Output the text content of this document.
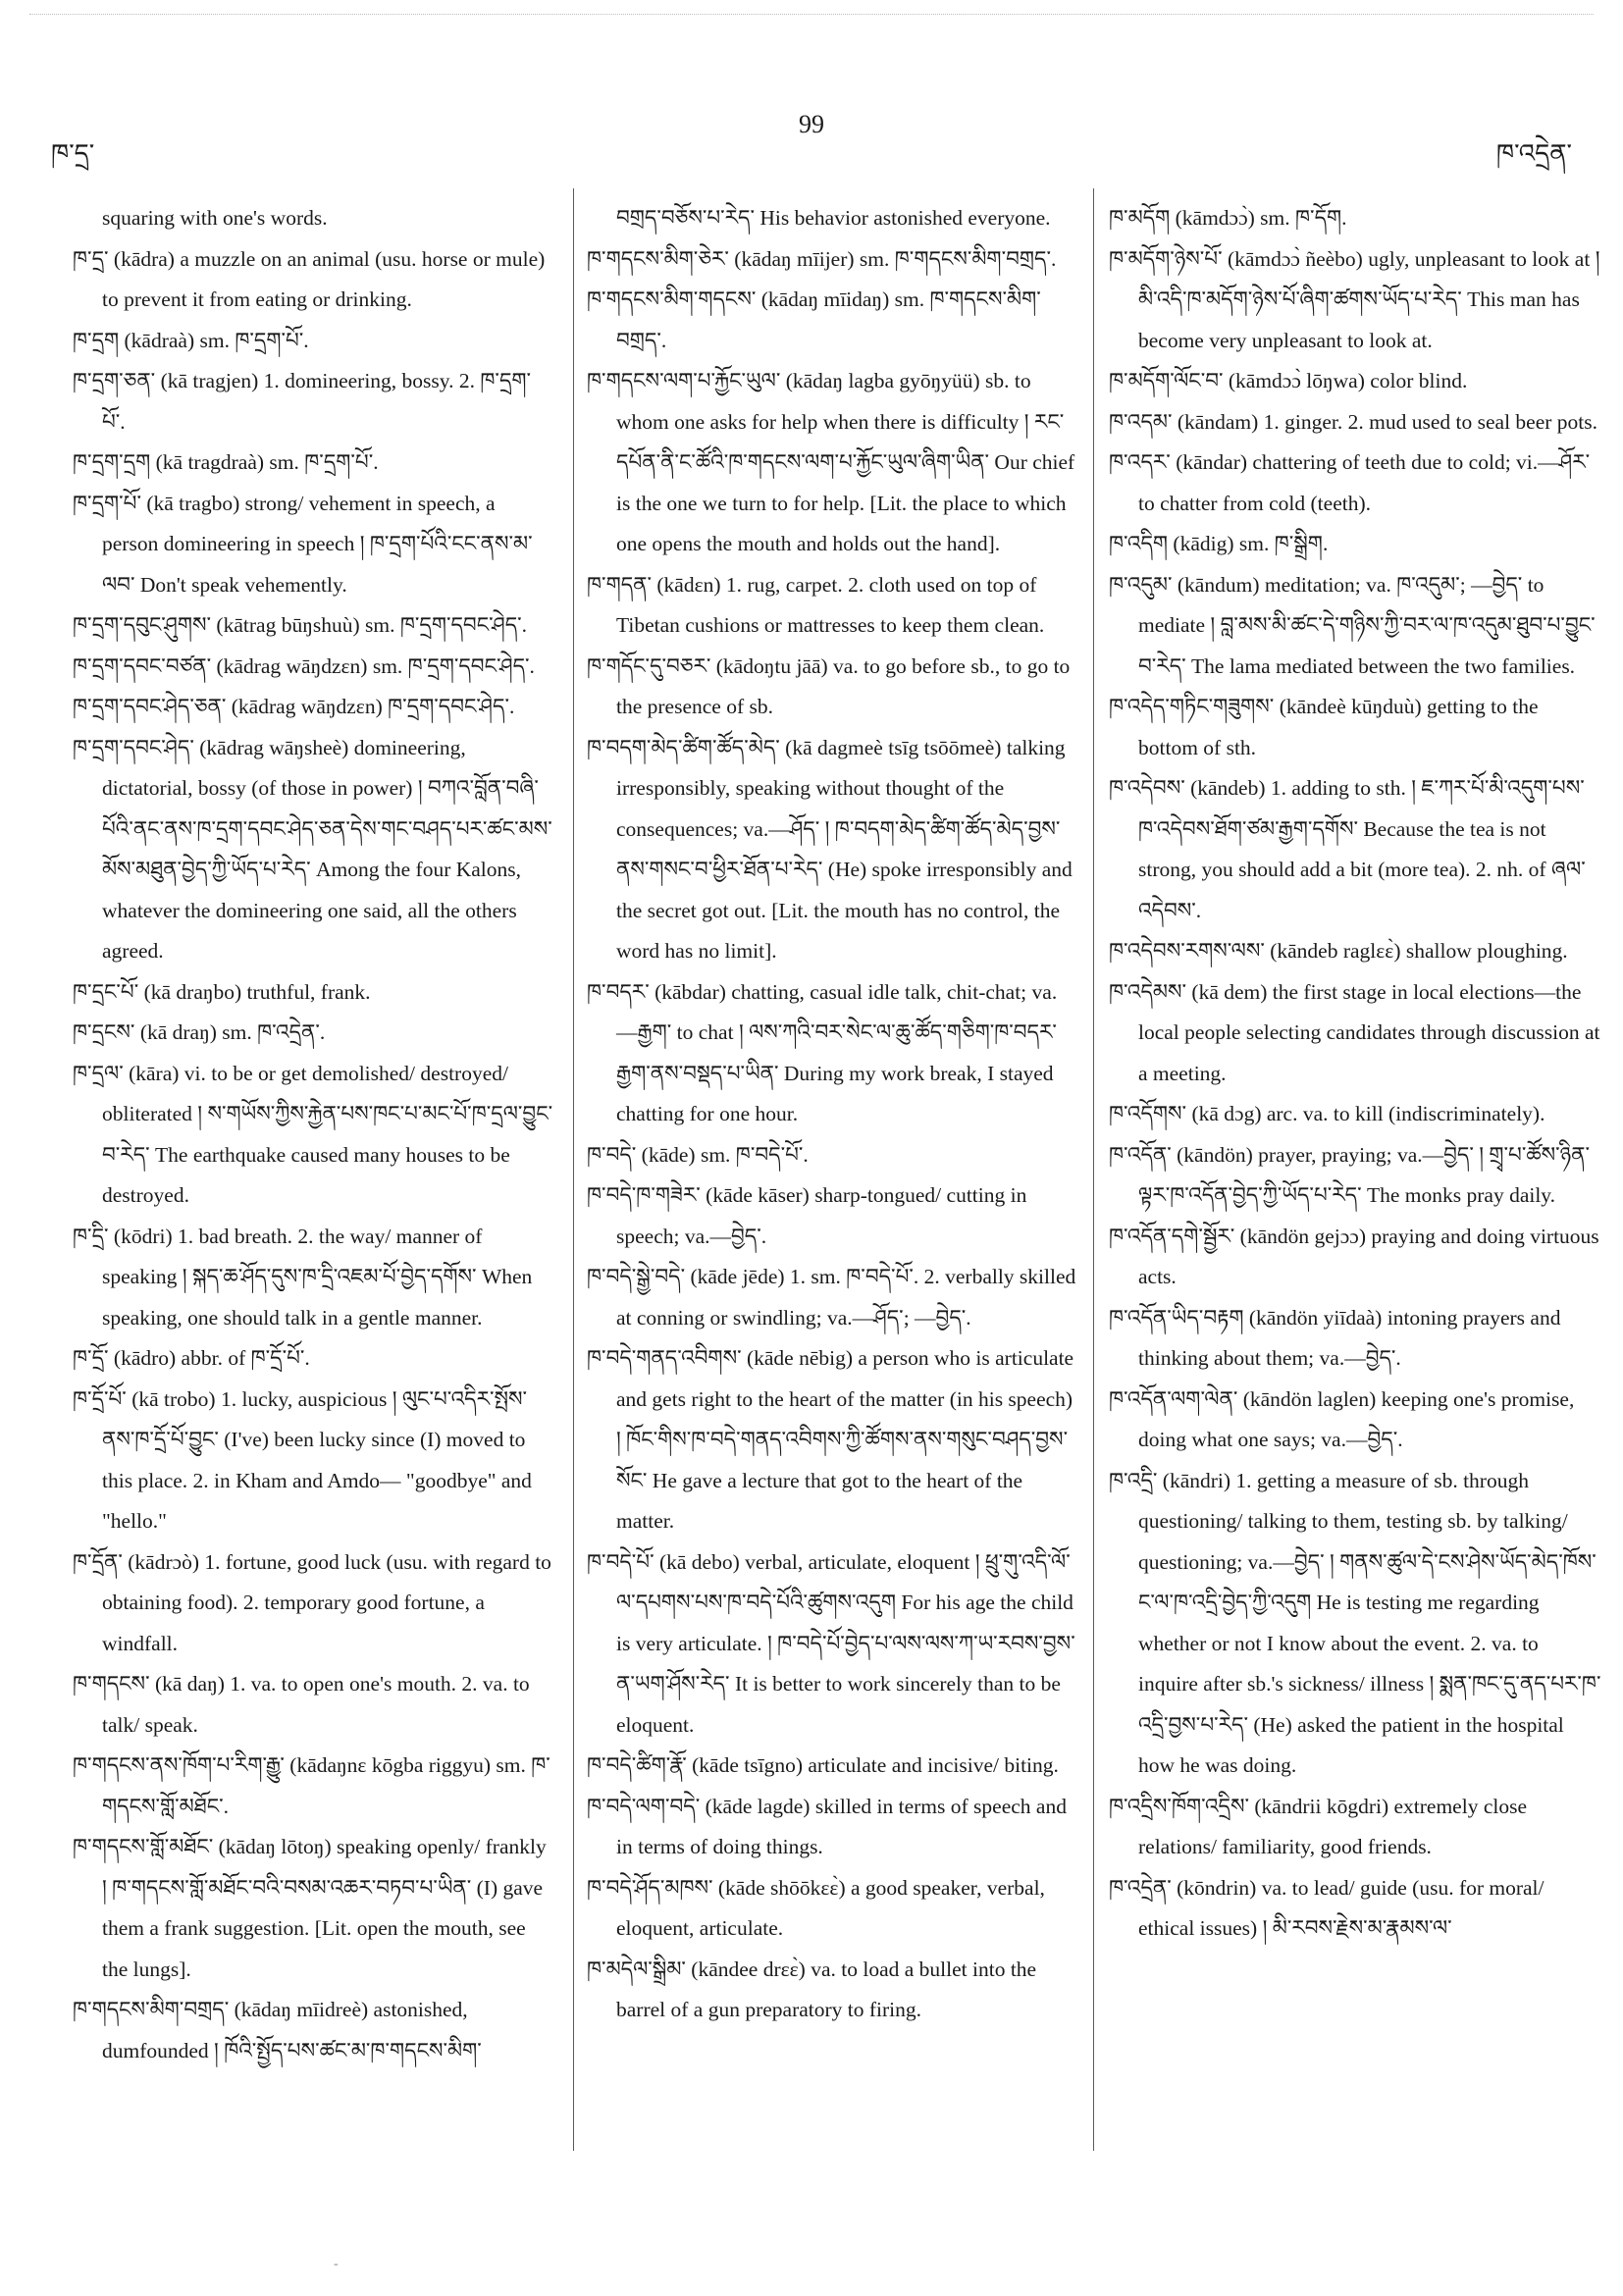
ཁ་དྲ་
99
ཁ་འདྲེན་

squaring with one's words.

ཁ་དྲ་ (kādra) a muzzle on an animal (usu. horse or mule) to prevent it from eating or drinking.

ཁ་དྲག (kādraà) sm. ཁ་དྲག་པོ་.

ཁ་དྲག་ཅན་ (kā tragjen) 1. domineering, bossy. 2. ཁ་དྲག་པོ་.

ཁ་དྲག་དྲག (kā tragdraà) sm. ཁ་དྲག་པོ་.

ཁ་དྲག་པོ་ (kā tragbo) strong/ vehement in speech, a person domineering in speech ། ཁ་དྲག་པོའི་ངང་ནས་མ་ལབ་ Don't speak vehemently.

ཁ་དྲག་དབུང་ཤུགས་ (kātrag būŋshuù) sm. ཁ་དྲག་དབང་ཤེད་.

ཁ་དྲག་དབང་བཙན་ (kādrag wāŋdzɛn) sm. ཁ་དྲག་དབང་ཤེད་.

ཁ་དྲག་དབང་ཤེད་ཅན་ (kādrag wāŋdzɛn) ཁ་དྲག་དབང་ཤེད་.

ཁ་དྲག་དབང་ཤེད་ (kādrag wāŋsheè) domineering, dictatorial, bossy (of those in power) ། བཀའ་བློན་བཞི་པོའི་ནང་ནས་ཁ་དྲག་དབང་ཤེད་ཅན་དེས་གང་བཤད་པར་ཚང་མས་མོས་མཐུན་བྱེད་ཀྱི་ཡོད་པ་རེད་ Among the four Kalons, whatever the domineering one said, all the others agreed.

ཁ་དྲང་པོ་ (kā draŋbo) truthful, frank.

ཁ་དྲངས་ (kā draŋ) sm. ཁ་འདྲེན་.

ཁ་དྲལ་ (kāra) vi. to be or get demolished/ destroyed/ obliterated ། ས་གཡོས་ཀྱིས་རྐྱེན་པས་ཁང་པ་མང་པོ་ཁ་དྲལ་བྱུང་བ་རེད་ The earthquake caused many houses to be destroyed.

ཁ་དྲི་ (kōdri) 1. bad breath. 2. the way/ manner of speaking ། སྐད་ཆ་ཤོད་དུས་ཁ་དྲི་འཇམ་པོ་བྱེད་དགོས་ When speaking, one should talk in a gentle manner.

ཁ་དྲོ་ (kādro) abbr. of ཁ་དྲོ་པོ་.

ཁ་དྲོ་པོ་ (kā trobo) 1. lucky, auspicious ། ལུང་པ་འདིར་སྤོས་ནས་ཁ་དྲོ་པོ་བྱུང་ (I've) been lucky since (I) moved to this place. 2. in Kham and Amdo— "goodbye" and "hello."

ཁ་དྲོན་ (kādrɔò) 1. fortune, good luck (usu. with regard to obtaining food). 2. temporary good fortune, a windfall.

ཁ་གདངས་ (kā daŋ) 1. va. to open one's mouth. 2. va. to talk/ speak.

ཁ་གདངས་ནས་ཁོག་པ་རིག་རྒྱུ་ (kādaŋnɛ kōgba riggyu) sm. ཁ་གདངས་གློ་མཐོང་.

ཁ་གདངས་གློ་མཐོང་ (kādaŋ lōtoŋ) speaking openly/ frankly ། ཁ་གདངས་གློ་མཐོང་བའི་བསམ་འཆར་བཏབ་པ་ཡིན་ (I) gave them a frank suggestion. [Lit. open the mouth, see the lungs].

ཁ་གདངས་མིག་བགྲད་ (kādaŋ mīidreè) astonished, dumfounded ། ཁོའི་སྤྱོད་པས་ཚང་མ་ཁ་གདངས་མིག་

བགྲད་བཅོས་པ་རེད་ His behavior astonished everyone.

ཁ་གདངས་མིག་ཅེར་ (kādaŋ mīijer) sm. ཁ་གདངས་མིག་བགྲད་.

ཁ་གདངས་མིག་གདངས་ (kādaŋ mīidaŋ) sm. ཁ་གདངས་མིག་བགྲད་.

ཁ་གདངས་ལག་པ་རྐྱོང་ཡུལ་ (kādaŋ lagba gyōŋyüü) sb. to whom one asks for help when there is difficulty ། རང་དཔོན་ནི་ང་ཚོའི་ཁ་གདངས་ལག་པ་རྐྱོང་ཡུལ་ཞིག་ཡིན་ Our chief is the one we turn to for help. [Lit. the place to which one opens the mouth and holds out the hand].

ཁ་གདན་ (kādɛn) 1. rug, carpet. 2. cloth used on top of Tibetan cushions or mattresses to keep them clean.

ཁ་གདོང་དུ་བཅར་ (kādoŋtu jāā) va. to go before sb., to go to the presence of sb.

ཁ་བདག་མེད་ཚིག་ཚོད་མེད་ (kā dagmeè tsīg tsōōmeè) talking irresponsibly, speaking without thought of the consequences; va.—ཤོད་ ། ཁ་བདག་མེད་ཚིག་ཚོད་མེད་བྱས་ནས་གསང་བ་ཕྱིར་ཐོན་པ་རེད་ (He) spoke irresponsibly and the secret got out. [Lit. the mouth has no control, the word has no limit].

ཁ་བདར་ (kābdar) chatting, casual idle talk, chit-chat; va.—རྒྱག་ to chat ། ལས་ཀའི་བར་སེང་ལ་ཆུ་ཚོད་གཅིག་ཁ་བདར་རྒྱག་ནས་བསྡད་པ་ཡིན་ During my work break, I stayed chatting for one hour.

ཁ་བདེ་ (kāde) sm. ཁ་བདེ་པོ་.

ཁ་བདེ་ཁ་གཟེར་ (kāde kāser) sharp-tongued/ cutting in speech; va.—བྱེད་.

ཁ་བདེ་སྒྱེ་བདེ་ (kāde jēde) 1. sm. ཁ་བདེ་པོ་. 2. verbally skilled at conning or swindling; va.—ཤོད་; —བྱེད་.

ཁ་བདེ་གནད་འབིགས་ (kāde nēbig) a person who is articulate and gets right to the heart of the matter (in his speech) ། ཁོང་གིས་ཁ་བདེ་གནད་འབིགས་ཀྱི་ཚོགས་ནས་གསུང་བཤད་བྱས་སོང་ He gave a lecture that got to the heart of the matter.

ཁ་བདེ་པོ་ (kā debo) verbal, articulate, eloquent ། ཕྲུ་གུ་འདི་ལོ་ལ་དཔགས་པས་ཁ་བདེ་པོའི་ཚུགས་འདུག For his age the child is very articulate. ། ཁ་བདེ་པོ་བྱེད་པ་ལས་ལས་ཀ་ཡ་རབས་བྱས་ན་ཡག་ཤོས་རེད་ It is better to work sincerely than to be eloquent.

ཁ་བདེ་ཚིག་རྣོ་ (kāde tsīgno) articulate and incisive/ biting.

ཁ་བདེ་ལག་བདེ་ (kāde lagde) skilled in terms of speech and in terms of doing things.

ཁ་བདེ་ཤོད་མཁས་ (kāde shōōkɛɛ̀) a good speaker, verbal, eloquent, articulate.

ཁ་མདེལ་སྒྲིམ་ (kāndee drɛɛ̀) va. to load a bullet into the barrel of a gun preparatory to firing.

ཁ་མདོག (kāmdɔɔ̀) sm. ཁ་དོག.

ཁ་མདོག་ཉེས་པོ་ (kāmdɔɔ̀ ñeèbo) ugly, unpleasant to look at ། མི་འདི་ཁ་མདོག་ཉེས་པོ་ཞིག་ཚགས་ཡོད་པ་རེད་ This man has become very unpleasant to look at.

ཁ་མདོག་ལོང་བ་ (kāmdɔɔ̀ lōŋwa) color blind.

ཁ་འདམ་ (kāndam) 1. ginger. 2. mud used to seal beer pots.

ཁ་འདར་ (kāndar) chattering of teeth due to cold; vi.—ཤོར་ to chatter from cold (teeth).

ཁ་འདིག (kādig) sm. ཁ་སྒྲིག.

ཁ་འདུམ་ (kāndum) meditation; va. ཁ་འདུམ་; —བྱེད་ to mediate ། བླ་མས་མི་ཚང་དེ་གཉིས་ཀྱི་བར་ལ་ཁ་འདུམ་ཐུབ་པ་བྱུང་བ་རེད་ The lama mediated between the two families.

ཁ་འདེད་གཏིང་གཟུགས་ (kāndeè kūŋduù) getting to the bottom of sth.

ཁ་འདེབས་ (kāndeb) 1. adding to sth. ། ཇ་ཀར་པོ་མི་འདུག་པས་ཁ་འདེབས་ཐོག་ཙམ་རྒྱག་དགོས་ Because the tea is not strong, you should add a bit (more tea). 2. nh. of ཞལ་འདེབས་.

ཁ་འདེབས་རགས་ལས་ (kāndeb raglɛɛ̀) shallow ploughing.

ཁ་འདེམས་ (kā dem) the first stage in local elections—the local people selecting candidates through discussion at a meeting.

ཁ་འདོགས་ (kā dɔg) arc. va. to kill (indiscriminately).

ཁ་འདོན་ (kāndön) prayer, praying; va.—བྱེད་ ། གྲྭ་པ་ཚོས་ཉིན་ལྟར་ཁ་འདོན་བྱེད་ཀྱི་ཡོད་པ་རེད་ The monks pray daily.

ཁ་འདོན་དགེ་སྦྱོར་ (kāndön gejɔɔ) praying and doing virtuous acts.

ཁ་འདོན་ཡིད་བརྟག (kāndön yiīdaà) intoning prayers and thinking about them; va.—བྱེད་.

ཁ་འདོན་ལག་ལེན་ (kāndön laglen) keeping one's promise, doing what one says; va.—བྱེད་.

ཁ་འདྲི་ (kāndri) 1. getting a measure of sb. through questioning/ talking to them, testing sb. by talking/ questioning; va.—བྱེད་ ། གནས་ཚུལ་དེ་ངས་ཤེས་ཡོད་མེད་ཁོས་ང་ལ་ཁ་འདྲི་བྱེད་ཀྱི་འདུག He is testing me regarding whether or not I know about the event. 2. va. to inquire after sb.'s sickness/ illness ། སྨན་ཁང་དུ་ནད་པར་ཁ་འདྲི་བྱས་པ་རེད་ (He) asked the patient in the hospital how he was doing.

ཁ་འདྲིས་ཁོག་འདྲིས་ (kāndrii kōgdri) extremely close relations/ familiarity, good friends.

ཁ་འདྲེན་ (kōndrin) va. to lead/ guide (usu. for moral/ ethical issues) ། མི་རབས་རྗེས་མ་རྣམས་ལ་

-
